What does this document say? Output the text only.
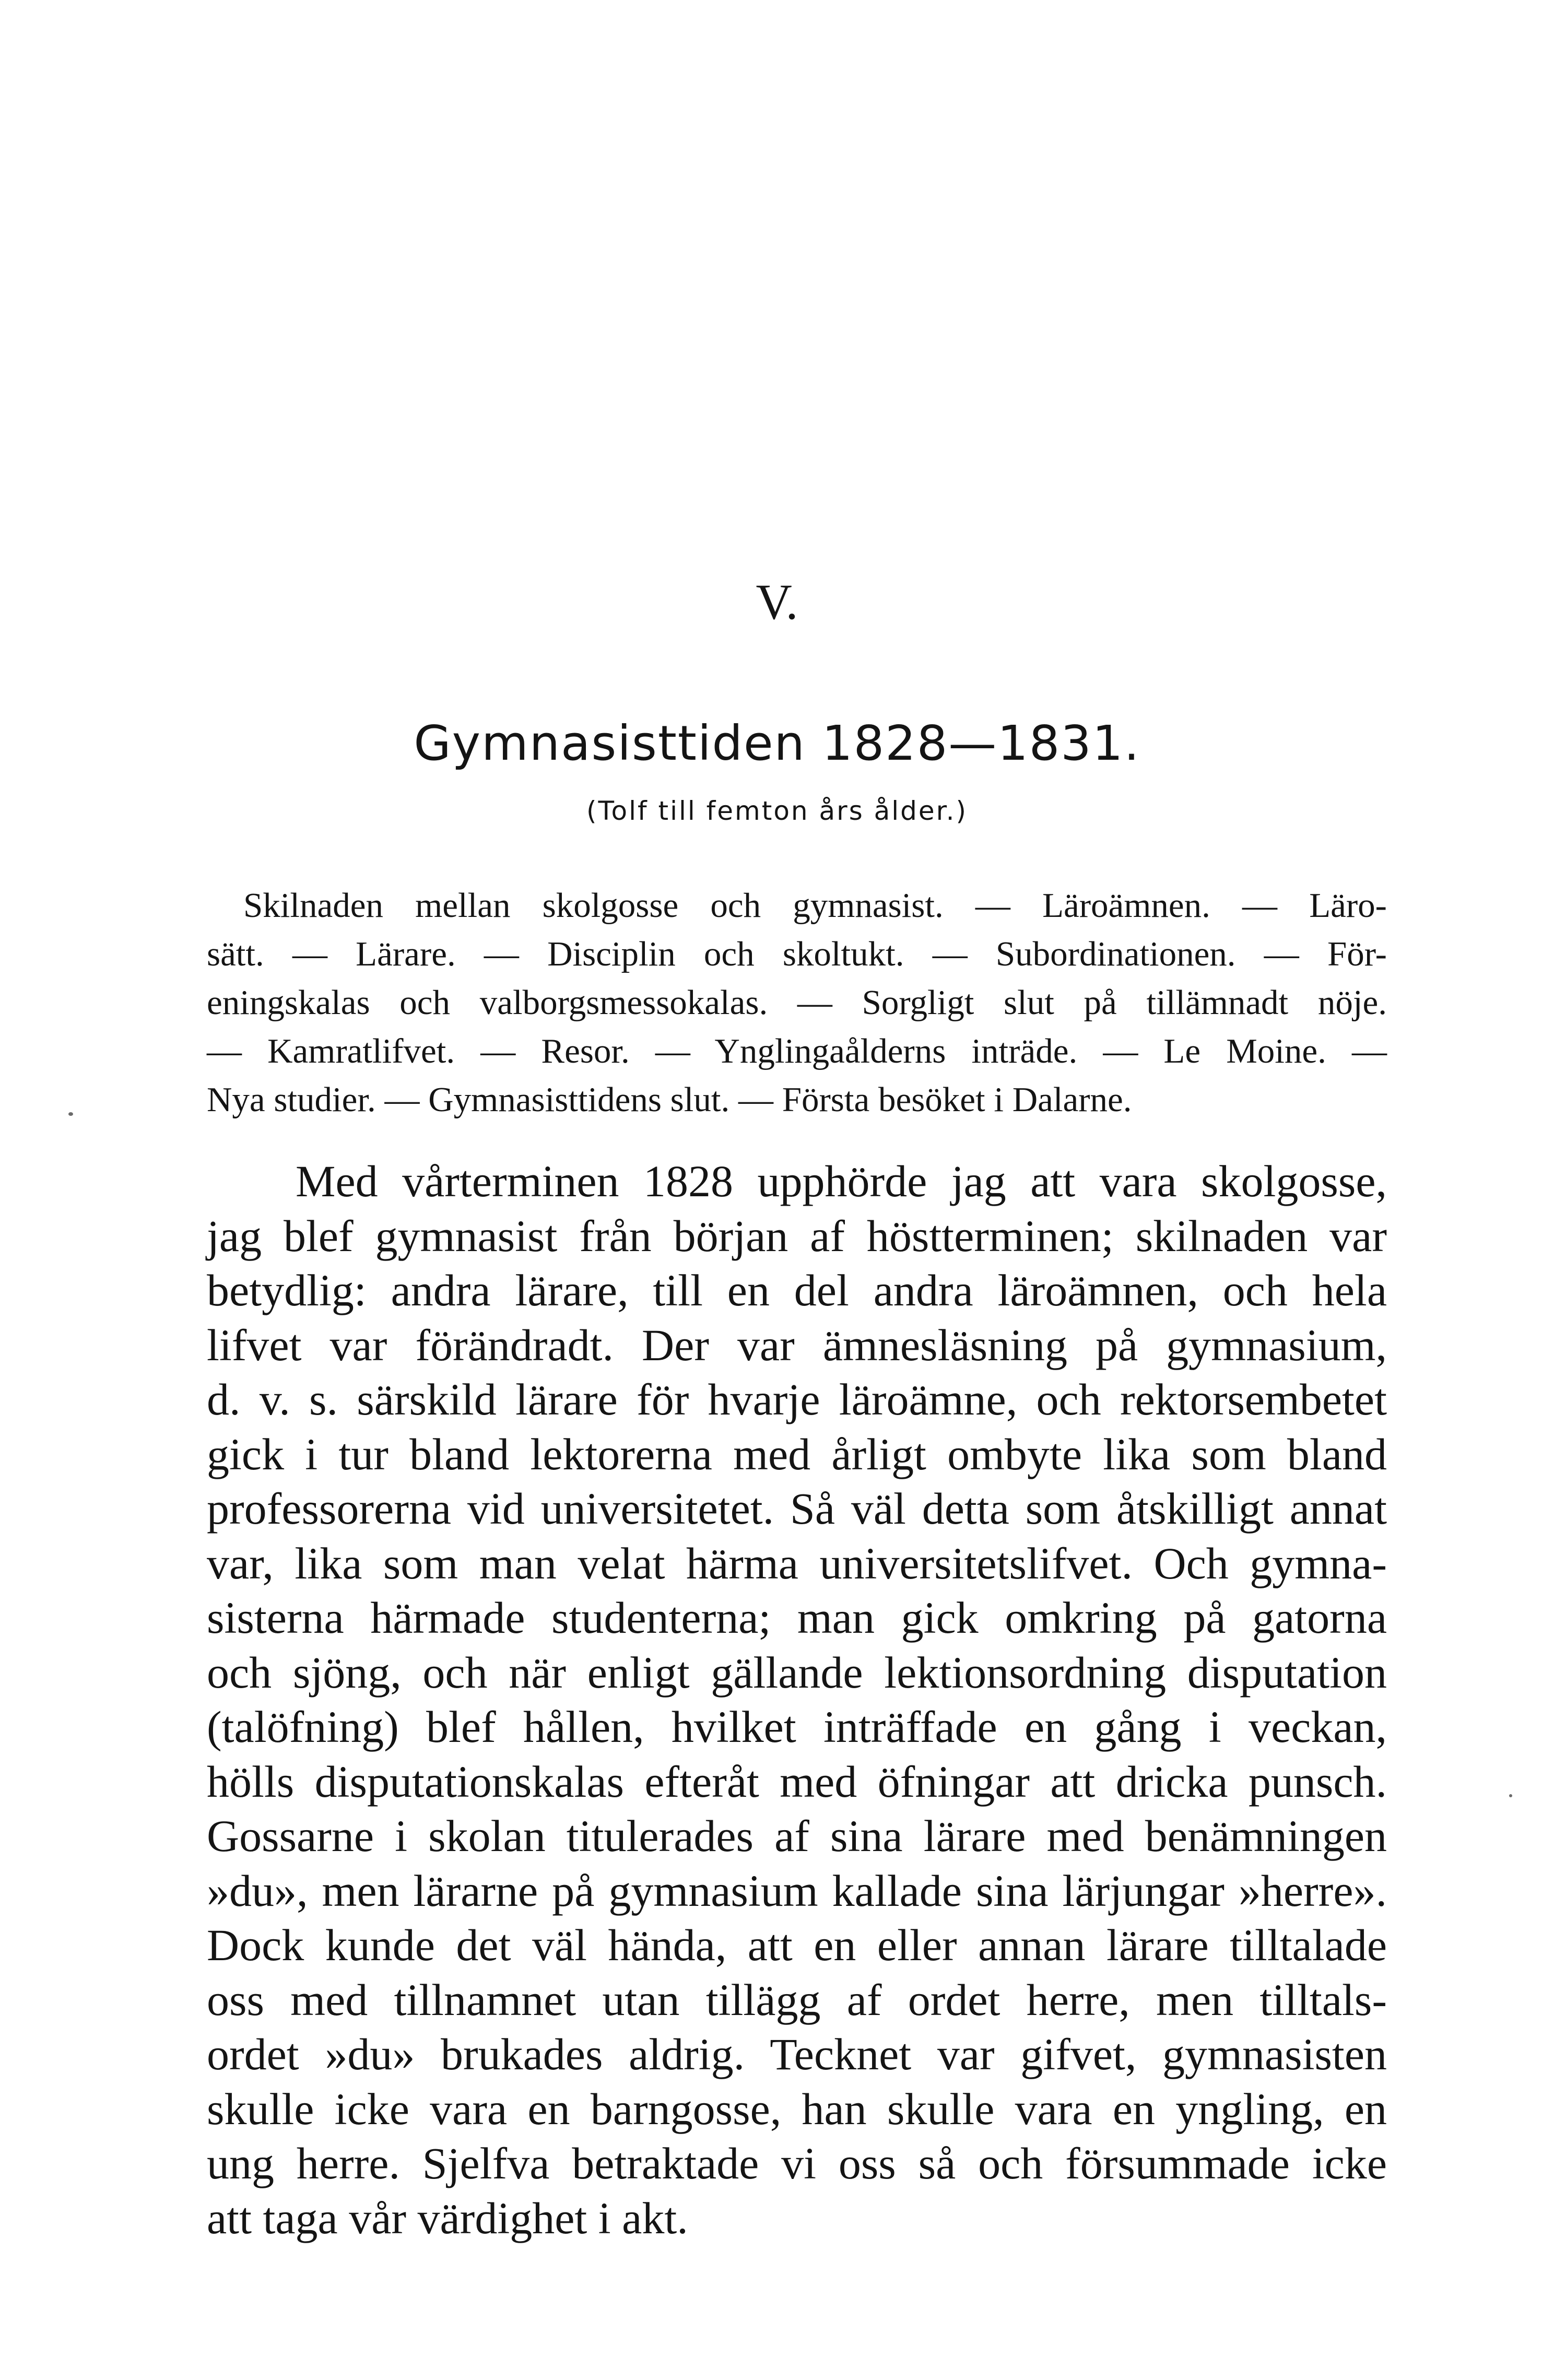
V.
Gymnasisttiden 1828—1831.
(Tolf till femton års ålder.)
Skilnaden mellan skolgosse och gymnasist. — Läroämnen. — Läro-
sätt. — Lärare. — Disciplin och skoltukt. — Subordinationen. — För-
eningskalas och valborgsmessokalas. — Sorgligt slut på tillämnadt nöje.
— Kamratlifvet. — Resor. — Ynglingaålderns inträde. — Le Moine. —
Nya studier. — Gymnasisttidens slut. — Första besöket i Dalarne.
Med vårterminen 1828 upphörde jag att vara skolgosse,
jag blef gymnasist från början af höstterminen; skilnaden var
betydlig: andra lärare, till en del andra läroämnen, och hela
lifvet var förändradt. Der var ämnesläsning på gymnasium,
d. v. s. särskild lärare för hvarje läroämne, och rektorsembetet
gick i tur bland lektorerna med årligt ombyte lika som bland
professorerna vid universitetet. Så väl detta som åtskilligt annat
var, lika som man velat härma universitetslifvet. Och gymna-
sisterna härmade studenterna; man gick omkring på gatorna
och sjöng, och när enligt gällande lektionsordning disputation
(talöfning) blef hållen, hvilket inträffade en gång i veckan,
hölls disputationskalas efteråt med öfningar att dricka punsch.
Gossarne i skolan titulerades af sina lärare med benämningen
»du», men lärarne på gymnasium kallade sina lärjungar »herre».
Dock kunde det väl hända, att en eller annan lärare tilltalade
oss med tillnamnet utan tillägg af ordet herre, men tilltals-
ordet »du» brukades aldrig. Tecknet var gifvet, gymnasisten
skulle icke vara en barngosse, han skulle vara en yngling, en
ung herre. Sjelfva betraktade vi oss så och försummade icke
att taga vår värdighet i akt.
